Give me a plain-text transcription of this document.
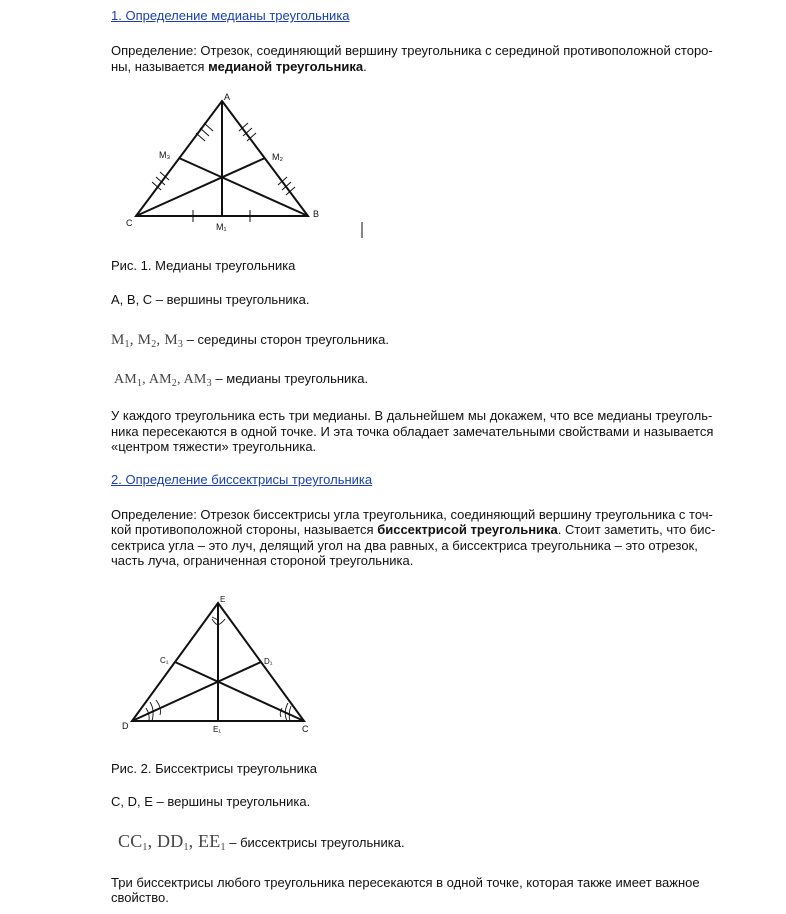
1. Определение медианы треугольника
Определение: Отрезок, соединяющий вершину треугольника с серединой противоположной сторо-
ны, называется медианой треугольника.
A
B
C	M₁
M₂
M₃
Рис. 1. Медианы треугольника
A, B, C – вершины треугольника.
$M_1$, $M_2$, $M_3$ – середины сторон треугольника.
$AM_1$, $AM_2$, $AM_3$ – медианы треугольника.
У каждого треугольника есть три медианы. В дальнейшем мы докажем, что все медианы треуголь-
ника пересекаются в одной точке. И эта точка обладает замечательными свойствами и называется
«центром тяжести» треугольника.
2. Определение биссектрисы треугольника
Определение: Отрезок биссектрисы угла треугольника, соединяющий вершину треугольника с точ-
кой противоположной стороны, называется биссектрисой треугольника. Стоит заметить, что бис-
сектриса угла – это луч, делящий угол на два равных, а биссектриса треугольника – это отрезок,
часть луча, ограниченная стороной треугольника.
E
D	C
C₁	D₁
E₁
Рис. 2. Биссектрисы треугольника
C, D, E – вершины треугольника.
$CC_1$, $DD_1$, $EE_1$ – биссектрисы треугольника.
Три биссектрисы любого треугольника пересекаются в одной точке, которая также имеет важное
свойство.
